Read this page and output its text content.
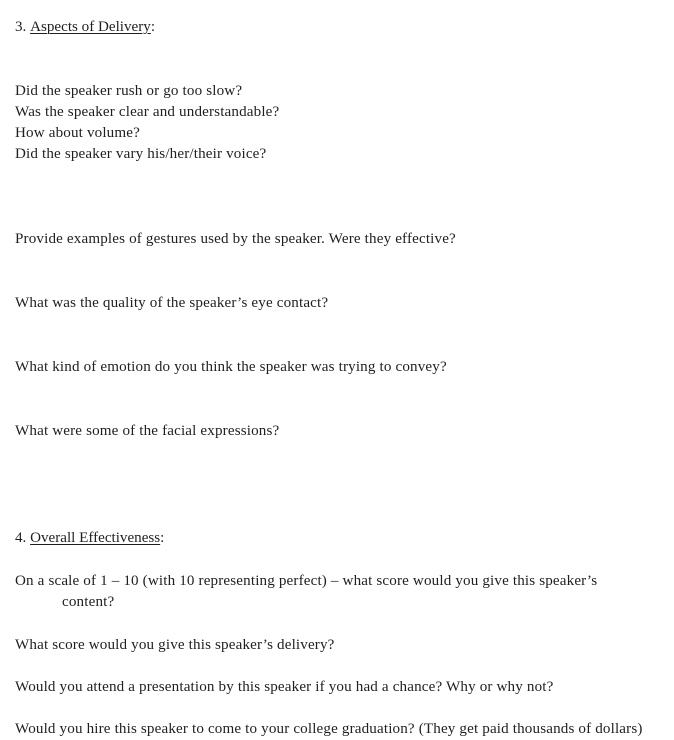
3. Aspects of Delivery:
Did the speaker rush or go too slow?
Was the speaker clear and understandable?
How about volume?
Did the speaker vary his/her/their voice?
Provide examples of gestures used by the speaker. Were they effective?
What was the quality of the speaker’s eye contact?
What kind of emotion do you think the speaker was trying to convey?
What were some of the facial expressions?
4. Overall Effectiveness:
On a scale of 1 – 10 (with 10 representing perfect) – what score would you give this speaker’s
content?
What score would you give this speaker’s delivery?
Would you attend a presentation by this speaker if you had a chance? Why or why not?
Would you hire this speaker to come to your college graduation? (They get paid thousands of dollars)
